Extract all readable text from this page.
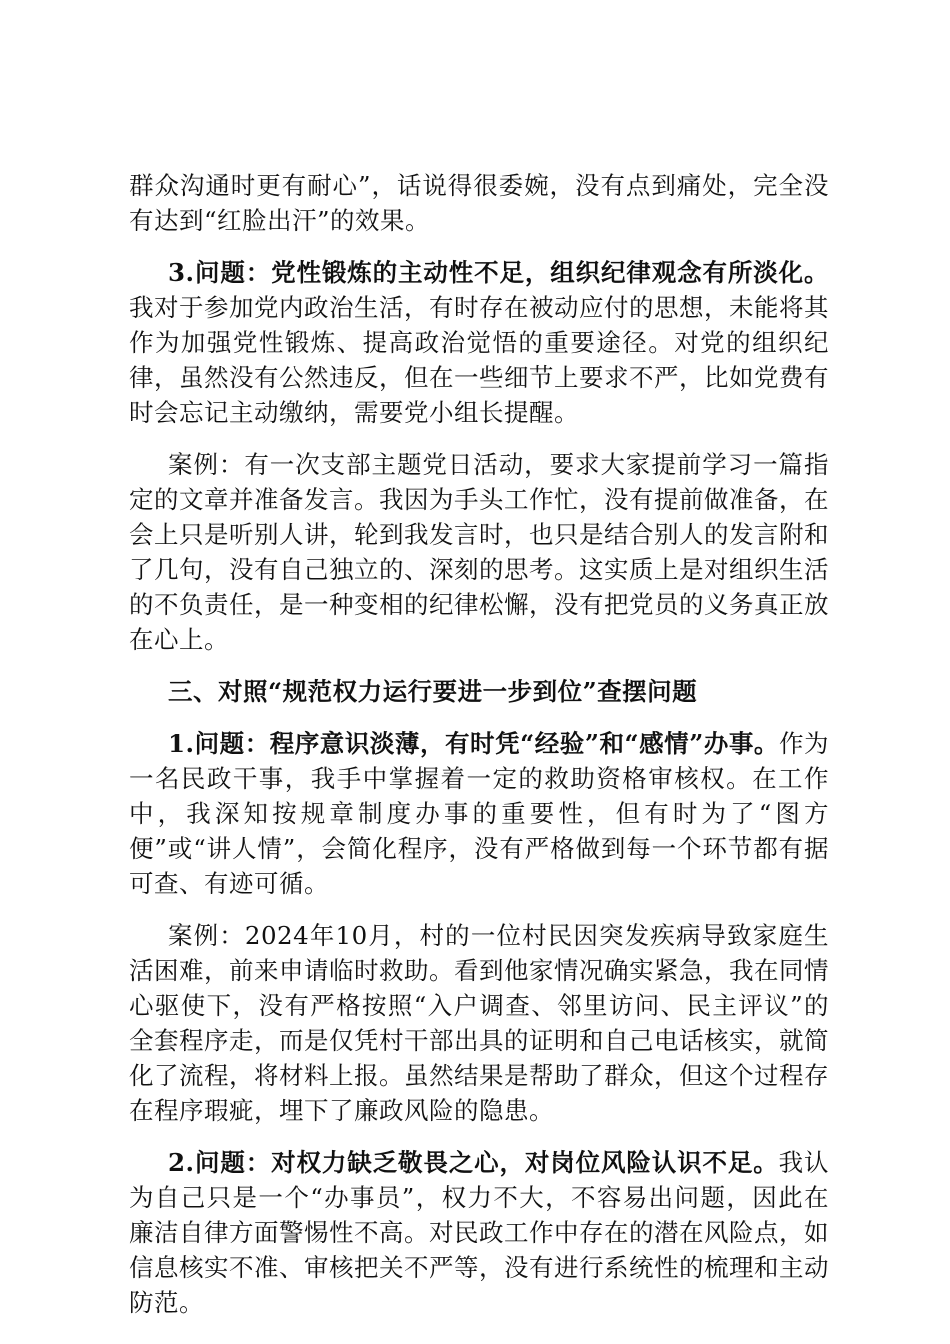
群众沟通时更有耐心”，话说得很委婉，没有点到痛处，完全没有达到“红脸出汗”的效果。

3.问题：党性锻炼的主动性不足，组织纪律观念有所淡化。我对于参加党内政治生活，有时存在被动应付的思想，未能将其作为加强党性锻炼、提高政治觉悟的重要途径。对党的组织纪律，虽然没有公然违反，但在一些细节上要求不严，比如党费有时会忘记主动缴纳，需要党小组长提醒。

案例：有一次支部主题党日活动，要求大家提前学习一篇指定的文章并准备发言。我因为手头工作忙，没有提前做准备，在会上只是听别人讲，轮到我发言时，也只是结合别人的发言附和了几句，没有自己独立的、深刻的思考。这实质上是对组织生活的不负责任，是一种变相的纪律松懈，没有把党员的义务真正放在心上。

三、对照“规范权力运行要进一步到位”查摆问题

1.问题：程序意识淡薄，有时凭“经验”和“感情”办事。作为一名民政干事，我手中掌握着一定的救助资格审核权。在工作中，我深知按规章制度办事的重要性，但有时为了“图方便”或“讲人情”，会简化程序，没有严格做到每一个环节都有据可查、有迹可循。

案例：2024年10月，村的一位村民因突发疾病导致家庭生活困难，前来申请临时救助。看到他家情况确实紧急，我在同情心驱使下，没有严格按照“入户调查、邻里访问、民主评议”的全套程序走，而是仅凭村干部出具的证明和自己电话核实，就简化了流程，将材料上报。虽然结果是帮助了群众，但这个过程存在程序瑕疵，埋下了廉政风险的隐患。

2.问题：对权力缺乏敬畏之心，对岗位风险认识不足。我认为自己只是一个“办事员”，权力不大，不容易出问题，因此在廉洁自律方面警惕性不高。对民政工作中存在的潜在风险点，如信息核实不准、审核把关不严等，没有进行系统性的梳理和主动防范。
